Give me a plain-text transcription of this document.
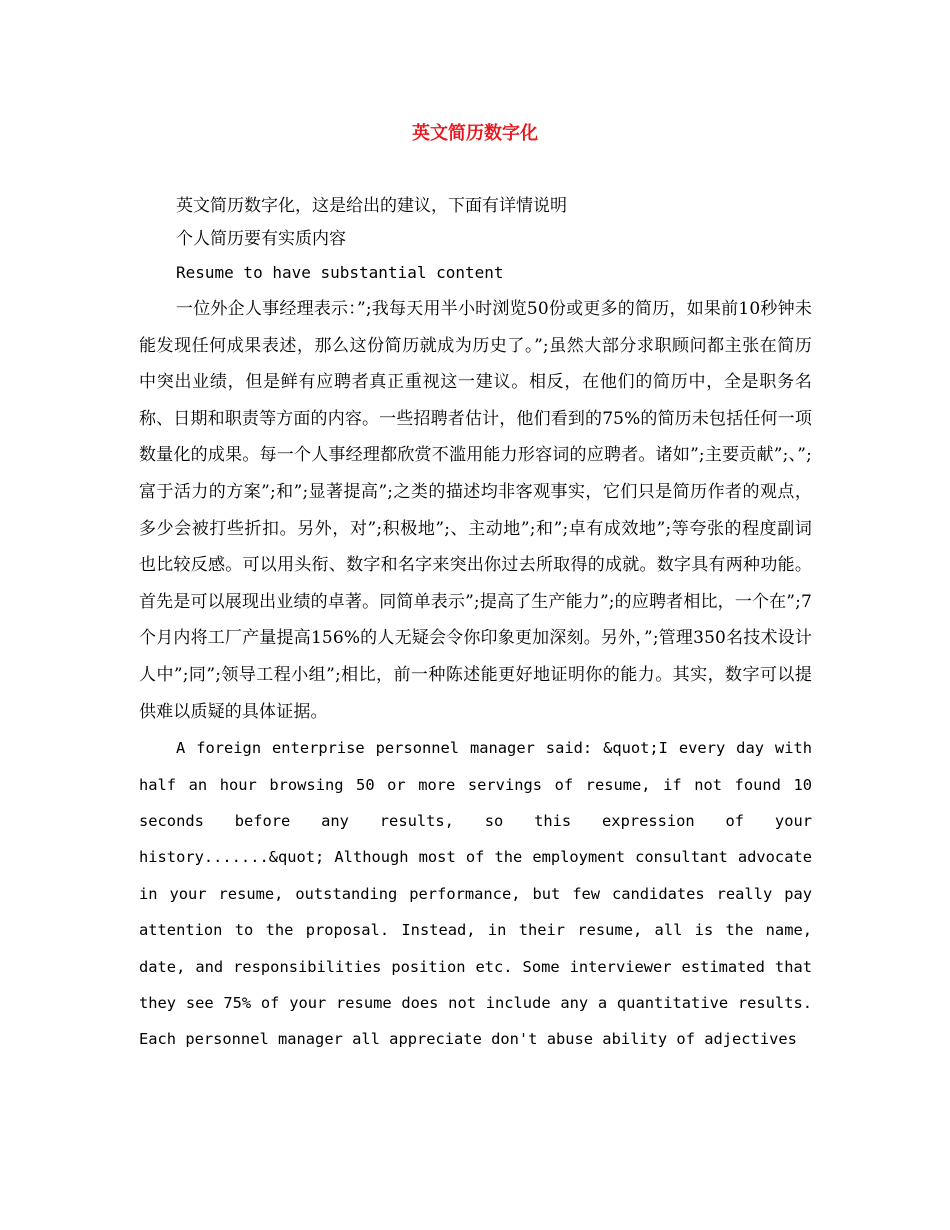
英文简历数字化
英文简历数字化，这是给出的建议，下面有详情说明
个人简历要有实质内容
Resume to have substantial content

一位外企人事经理表示：”;我每天用半小时浏览50份或更多的简历，如果前10秒钟未能发现任何成果表述，那么这份简历就成为历史了。”;虽然大部分求职顾问都主张在简历中突出业绩，但是鲜有应聘者真正重视这一建议。相反，在他们的简历中，全是职务名称、日期和职责等方面的内容。一些招聘者估计，他们看到的75%的简历未包括任何一项数量化的成果。每一个人事经理都欣赏不滥用能力形容词的应聘者。诸如”;主要贡献”;、”;富于活力的方案”;和”;显著提高”;之类的描述均非客观事实，它们只是简历作者的观点，多少会被打些折扣。另外，对”;积极地”;、主动地”;和”;卓有成效地”;等夸张的程度副词也比较反感。可以用头衔、数字和名字来突出你过去所取得的成就。数字具有两种功能。首先是可以展现出业绩的卓著。同简单表示”;提高了生产能力”;的应聘者相比，一个在”;7个月内将工厂产量提高156%的人无疑会令你印象更加深刻。另外，”;管理350名技术设计人中”;同”;领导工程小组”;相比，前一种陈述能更好地证明你的能力。其实，数字可以提供难以质疑的具体证据。

A foreign enterprise personnel manager said: &quot;I every day with half an hour browsing 50 or more servings of resume, if not found 10 seconds before any results, so this expression of your history.......&quot; Although most of the employment consultant advocate in your resume, outstanding performance, but few candidates really pay attention to the proposal. Instead, in their resume, all is the name, date, and responsibilities position etc. Some interviewer estimated that they see 75% of your resume does not include any a quantitative results. Each personnel manager all appreciate don't abuse ability of adjectives
